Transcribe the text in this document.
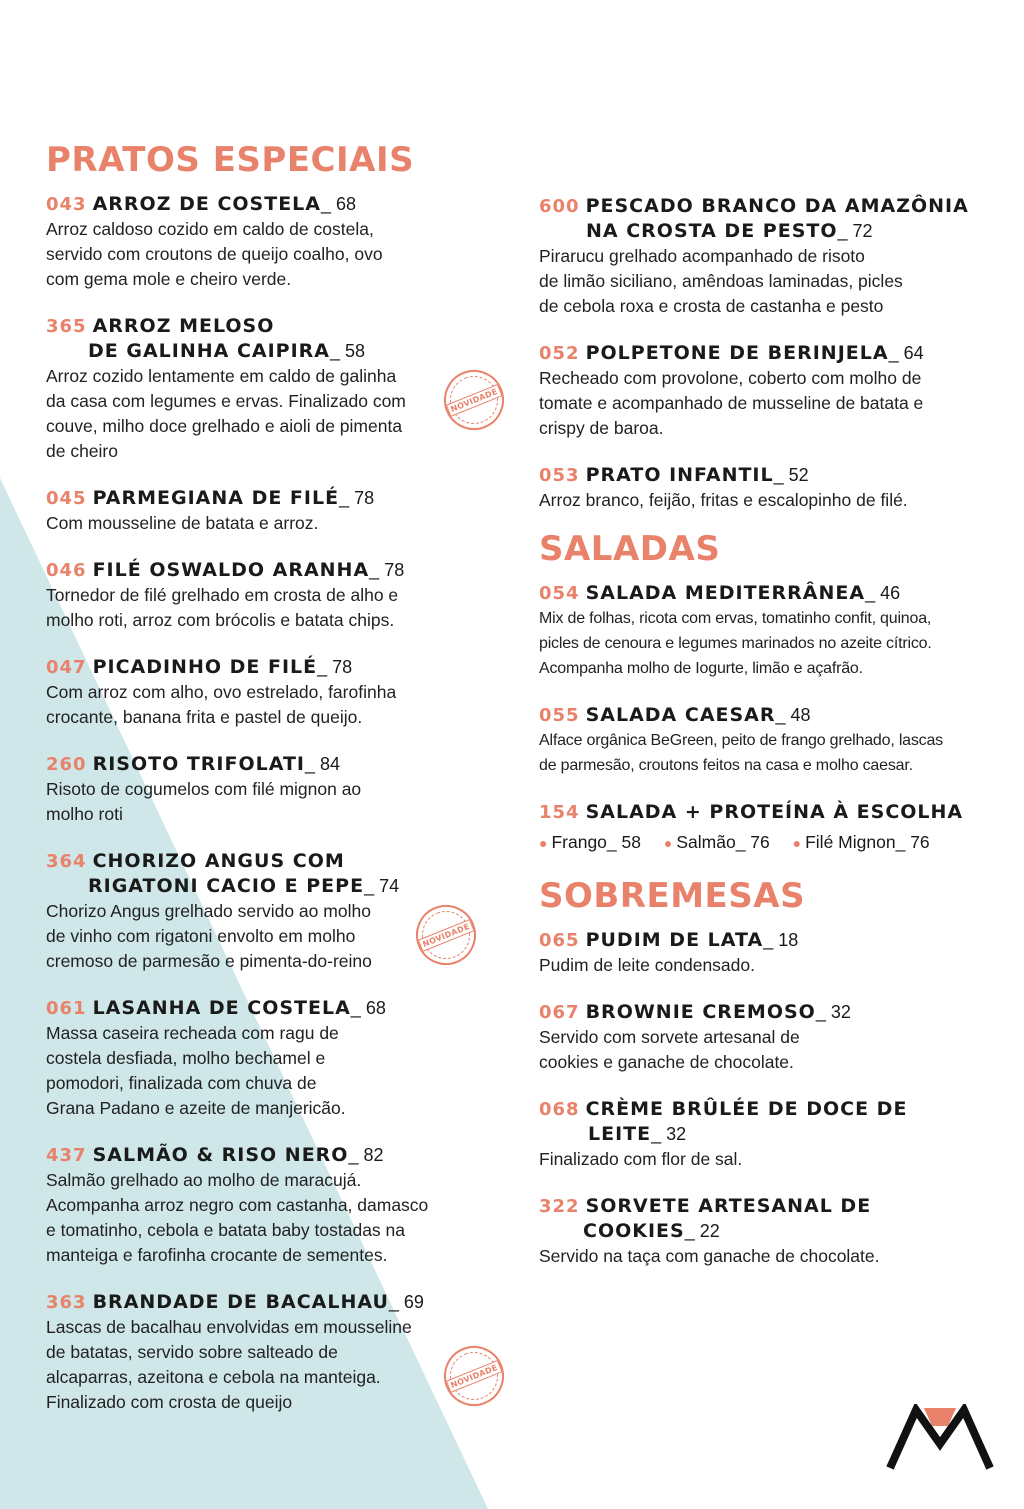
PRATOS ESPECIAIS
043 ARROZ DE COSTELA _ 68
Arroz caldoso cozido em caldo de costela,
servido com croutons de queijo coalho, ovo
com gema mole e cheiro verde.
365 ARROZ MELOSO
DE GALINHA CAIPIRA _ 58
Arroz cozido lentamente em caldo de galinha
da casa com legumes e ervas. Finalizado com
couve, milho doce grelhado e aioli de pimenta
de cheiro
NOVIDADE
045 PARMEGIANA DE FILÉ _ 78
Com mousseline de batata e arroz.
046 FILÉ OSWALDO ARANHA _ 78
Tornedor de filé grelhado em crosta de alho e
molho roti, arroz com brócolis e batata chips.
047 PICADINHO DE FILÉ _ 78
Com arroz com alho, ovo estrelado, farofinha
crocante, banana frita e pastel de queijo.
260 RISOTO TRIFOLATI _ 84
Risoto de cogumelos com filé mignon ao
molho roti
364 CHORIZO ANGUS COM
RIGATONI CACIO E PEPE _ 74
Chorizo Angus grelhado servido ao molho
de vinho com rigatoni envolto em molho
cremoso de parmesão e pimenta-do-reino
NOVIDADE
061 LASANHA DE COSTELA _ 68
Massa caseira recheada com ragu de
costela desfiada, molho bechamel e
pomodori, finalizada com chuva de
Grana Padano e azeite de manjericão.
437 SALMÃO & RISO NERO _ 82
Salmão grelhado ao molho de maracujá.
Acompanha arroz negro com castanha, damasco
e tomatinho, cebola e batata baby tostadas na
manteiga e farofinha crocante de sementes.
363 BRANDADE DE BACALHAU _ 69
Lascas de bacalhau envolvidas em mousseline
de batatas, servido sobre salteado de
alcaparras, azeitona e cebola na manteiga.
Finalizado com crosta de queijo
NOVIDADE
600 PESCADO BRANCO DA AMAZÔNIA
NA CROSTA DE PESTO _ 72
Pirarucu grelhado acompanhado de risoto
de limão siciliano, amêndoas laminadas, picles
de cebola roxa e crosta de castanha e pesto
052 POLPETONE DE BERINJELA _ 64
Recheado com provolone, coberto com molho de
tomate e acompanhado de musseline de batata e
crispy de baroa.
053 PRATO INFANTIL _ 52
Arroz branco, feijão, fritas e escalopinho de filé.
SALADAS
054 SALADA MEDITERRÂNEA _ 46
Mix de folhas, ricota com ervas, tomatinho confit, quinoa,
picles de cenoura e legumes marinados no azeite cítrico.
Acompanha molho de Iogurte, limão e açafrão.
055 SALADA CAESAR _ 48
Alface orgânica BeGreen, peito de frango grelhado, lascas
de parmesão, croutons feitos na casa e molho caesar.
154 SALADA + PROTEÍNA À ESCOLHA
● Frango _ 58 ● Salmão _ 76 ● Filé Mignon _ 76
SOBREMESAS
065 PUDIM DE LATA _ 18
Pudim de leite condensado.
067 BROWNIE CREMOSO _ 32
Servido com sorvete artesanal de
cookies e ganache de chocolate.
068 CRÈME BRÛLÉE DE DOCE DE
LEITE _ 32
Finalizado com flor de sal.
322 SORVETE ARTESANAL DE
COOKIES _ 22
Servido na taça com ganache de chocolate.
